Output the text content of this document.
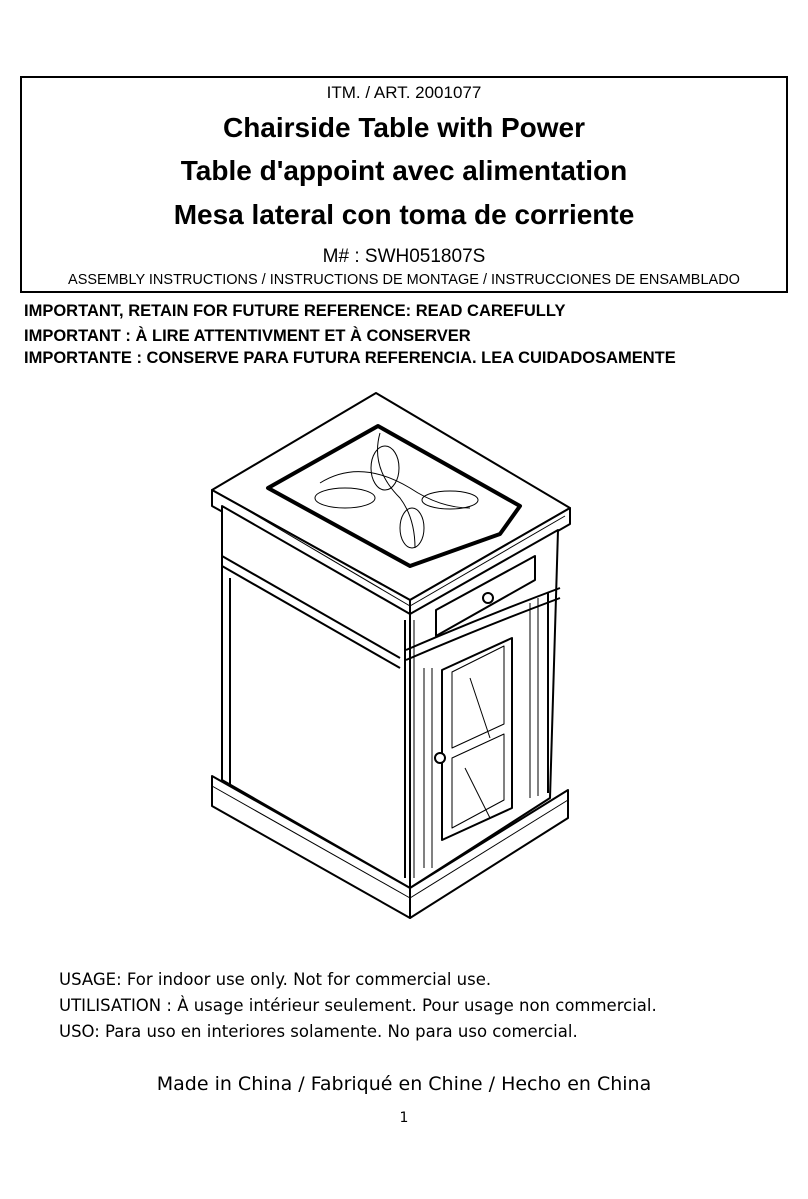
ITM. / ART. 2001077
Chairside Table with Power
Table d'appoint avec alimentation
Mesa lateral con toma de corriente
M# : SWH051807S
ASSEMBLY INSTRUCTIONS / INSTRUCTIONS DE MONTAGE / INSTRUCCIONES DE ENSAMBLADO
IMPORTANT, RETAIN FOR FUTURE REFERENCE: READ CAREFULLY
IMPORTANT : À LIRE ATTENTIVMENT ET À CONSERVER
IMPORTANTE : CONSERVE PARA FUTURA REFERENCIA. LEA CUIDADOSAMENTE
USAGE: For indoor use only. Not for commercial use.
UTILISATION : À usage intérieur seulement. Pour usage non commercial.
USO: Para uso en interiores solamente. No para uso comercial.
Made in China / Fabriqué en Chine / Hecho en China
1
